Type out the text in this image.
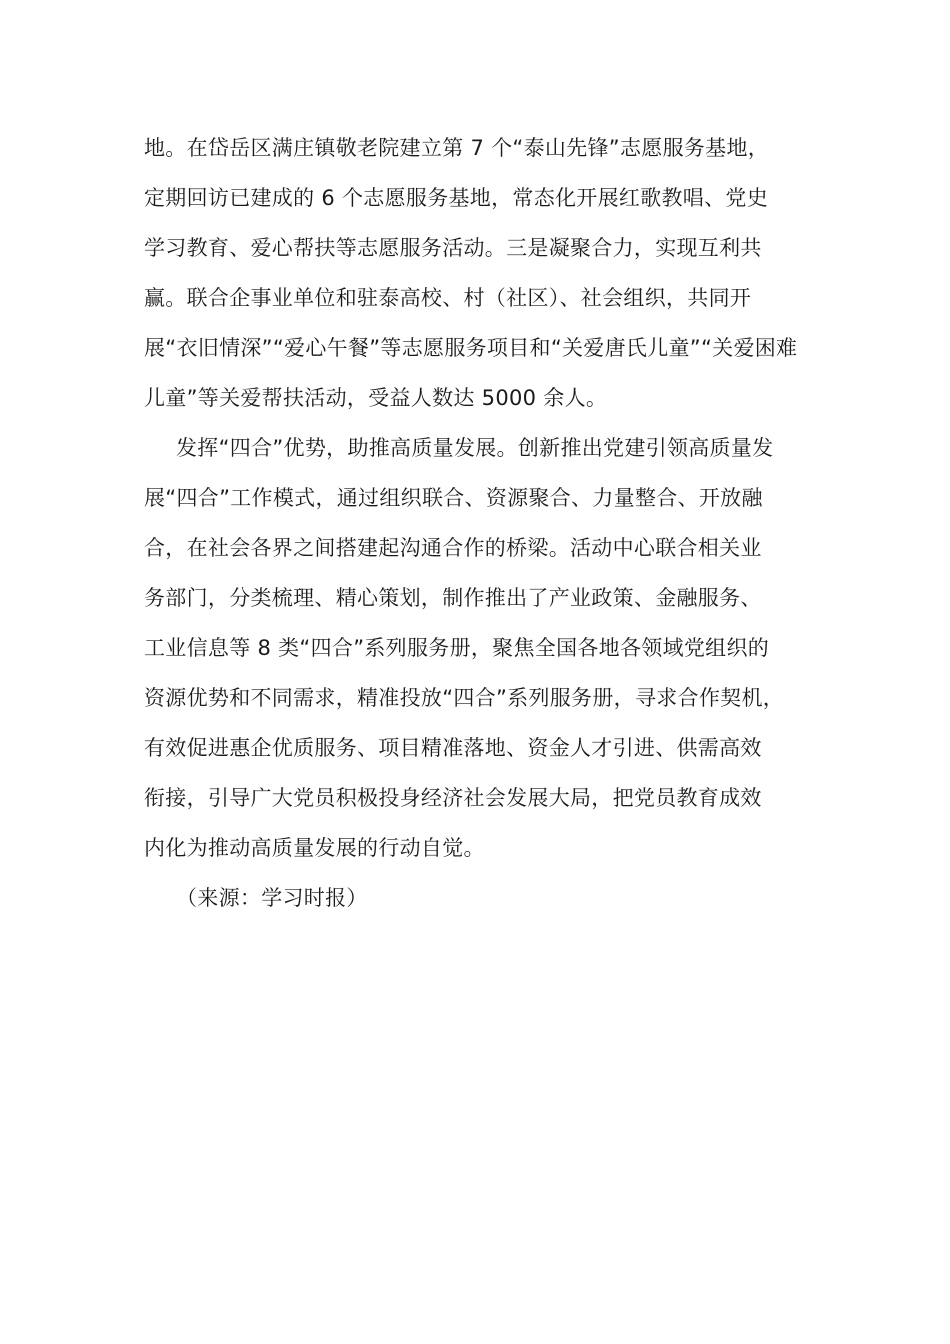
地。在岱岳区满庄镇敬老院建立第 7 个“泰山先锋”志愿服务基地，
定期回访已建成的 6 个志愿服务基地，常态化开展红歌教唱、党史
学习教育、爱心帮扶等志愿服务活动。三是凝聚合力，实现互利共
赢。联合企事业单位和驻泰高校、村（社区）、社会组织，共同开
展“衣旧情深”“爱心午餐”等志愿服务项目和“关爱唐氏儿童”“关爱困难
儿童”等关爱帮扶活动，受益人数达 5000 余人。
发挥“四合”优势，助推高质量发展。创新推出党建引领高质量发
展“四合”工作模式，通过组织联合、资源聚合、力量整合、开放融
合，在社会各界之间搭建起沟通合作的桥梁。活动中心联合相关业
务部门，分类梳理、精心策划，制作推出了产业政策、金融服务、
工业信息等 8 类“四合”系列服务册，聚焦全国各地各领域党组织的
资源优势和不同需求，精准投放“四合”系列服务册，寻求合作契机，
有效促进惠企优质服务、项目精准落地、资金人才引进、供需高效
衔接，引导广大党员积极投身经济社会发展大局，把党员教育成效
内化为推动高质量发展的行动自觉。
（来源：学习时报）
